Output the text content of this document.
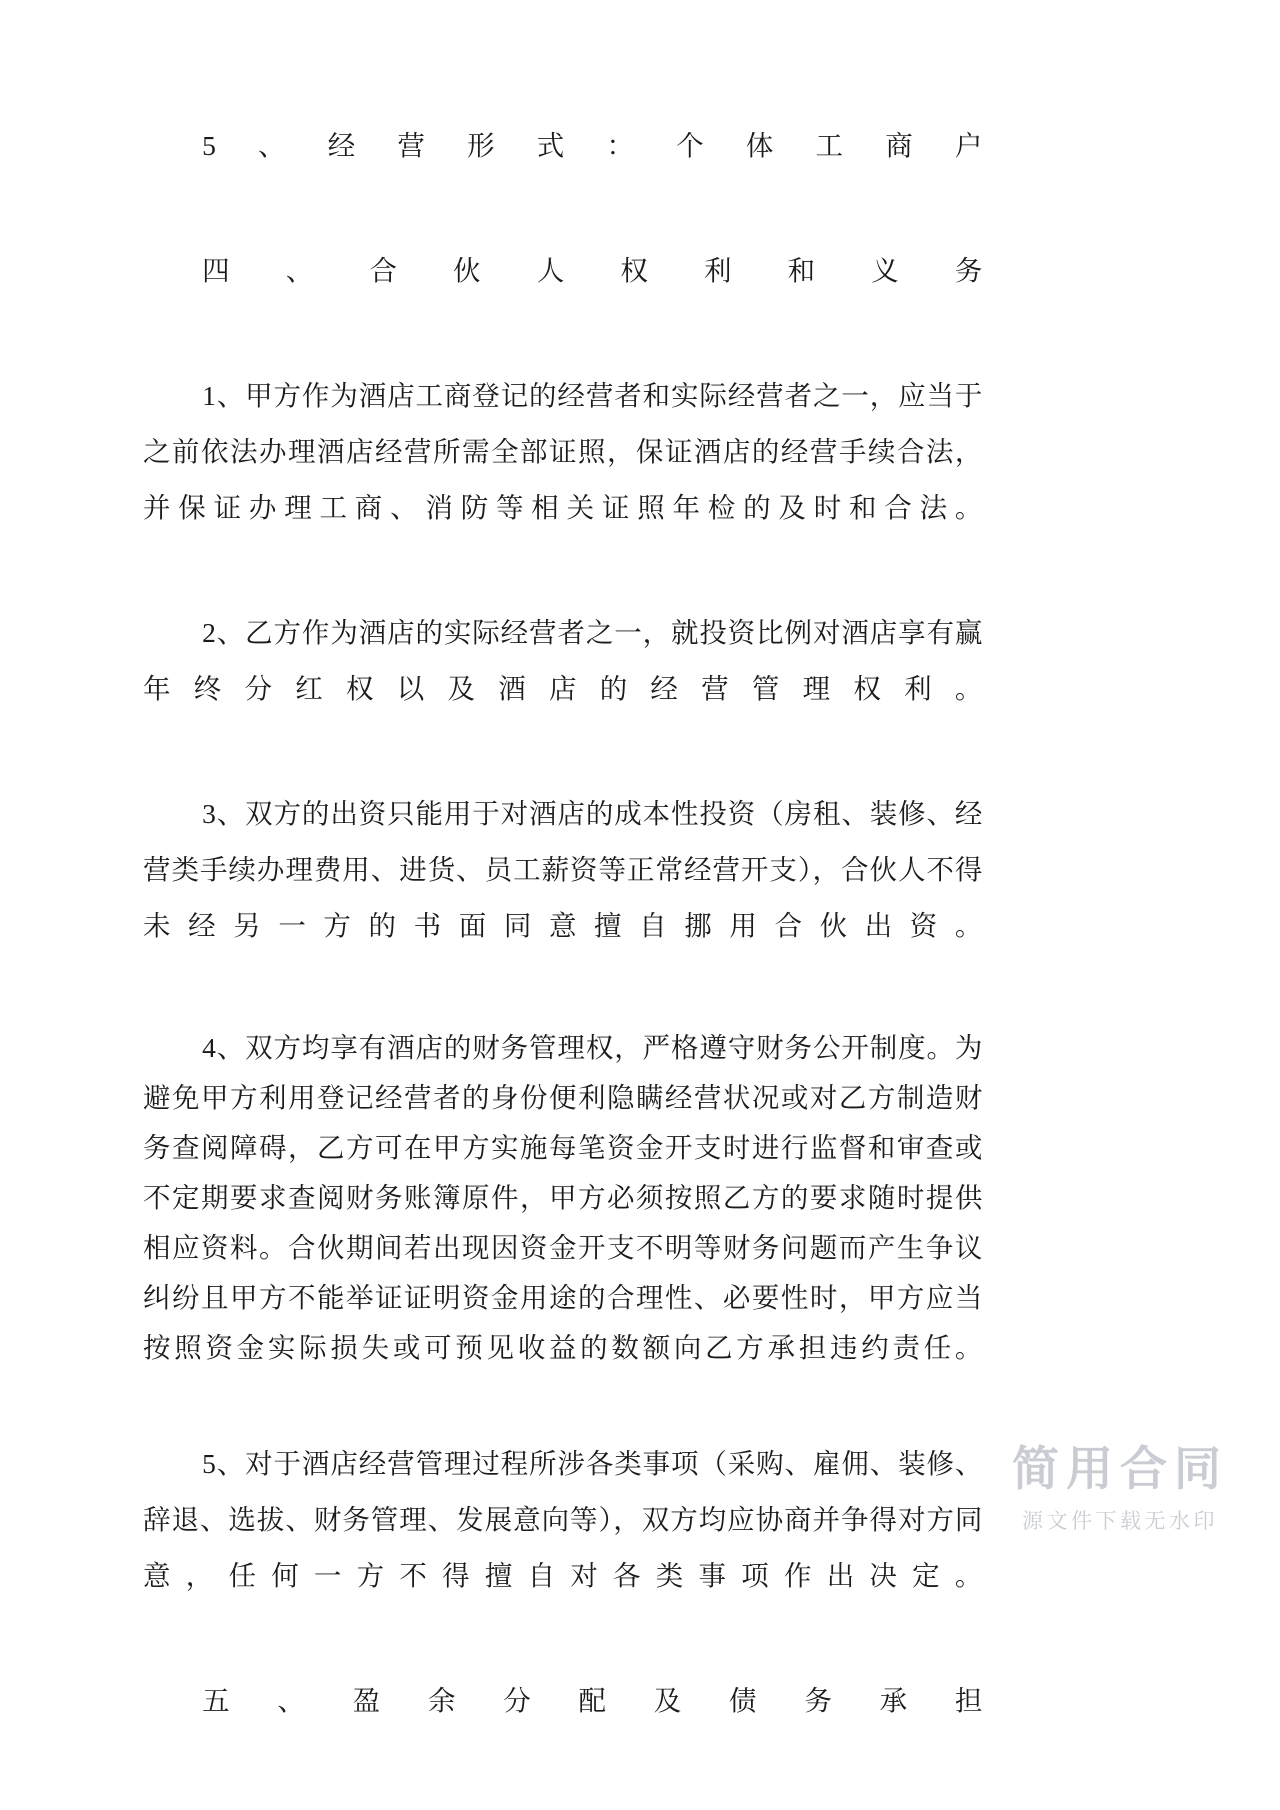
5、经营形式：个体工商户

四、合伙人权利和义务

1、甲方作为酒店工商登记的经营者和实际经营者之一，应当于之前依法办理酒店经营所需全部证照，保证酒店的经营手续合法，并保证办理工商、消防等相关证照年检的及时和合法。

2、乙方作为酒店的实际经营者之一，就投资比例对酒店享有赢年终分红权以及酒店的经营管理权利。

3、双方的出资只能用于对酒店的成本性投资（房租、装修、经营类手续办理费用、进货、员工薪资等正常经营开支），合伙人不得未经另一方的书面同意擅自挪用合伙出资。

4、双方均享有酒店的财务管理权，严格遵守财务公开制度。为避免甲方利用登记经营者的身份便利隐瞒经营状况或对乙方制造财务查阅障碍，乙方可在甲方实施每笔资金开支时进行监督和审查或不定期要求查阅财务账簿原件，甲方必须按照乙方的要求随时提供相应资料。合伙期间若出现因资金开支不明等财务问题而产生争议纠纷且甲方不能举证证明资金用途的合理性、必要性时，甲方应当按照资金实际损失或可预见收益的数额向乙方承担违约责任。

5、对于酒店经营管理过程所涉各类事项（采购、雇佣、装修、辞退、选拔、财务管理、发展意向等），双方均应协商并争得对方同意，任何一方不得擅自对各类事项作出决定。

五、盈余分配及债务承担

简用合同
源文件下载无水印
